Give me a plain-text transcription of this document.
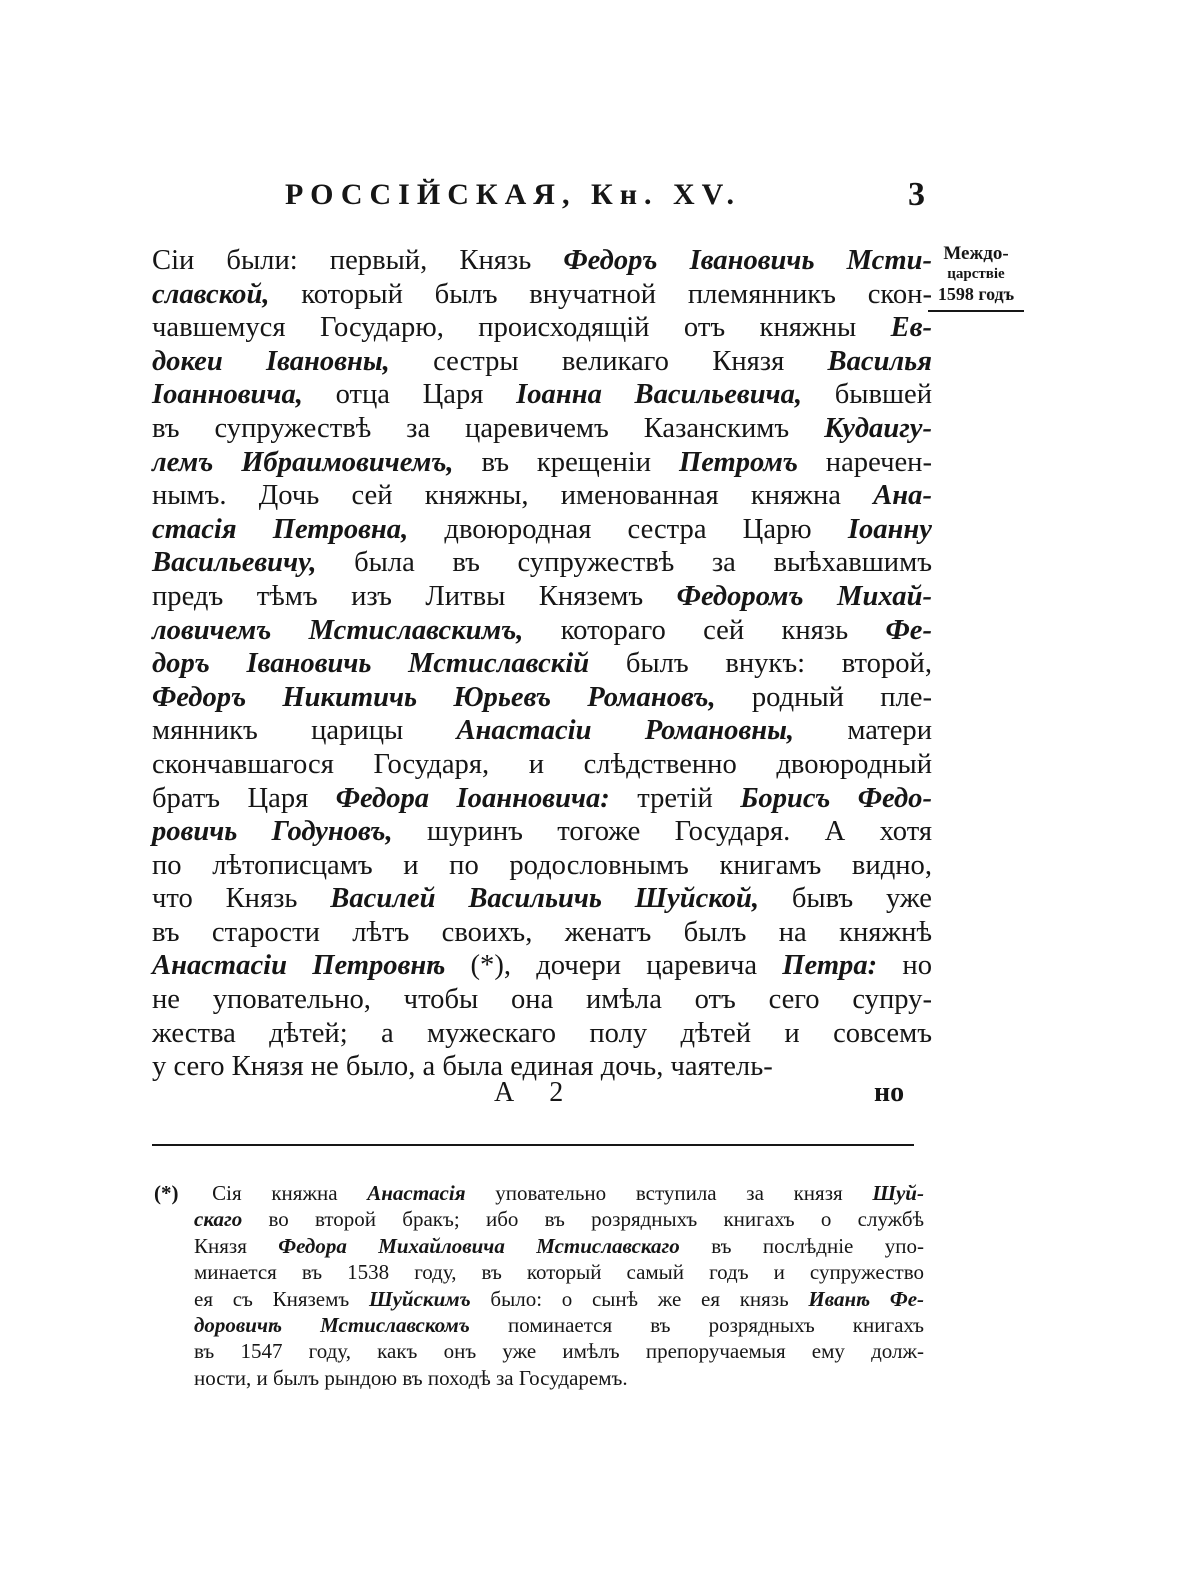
РОССІЙСКАЯ, Кн. XV.	3
Междо-
царствіе
1598 годъ
Сіи были: первый, Князь Федоръ Івановичь Мсти-
славской, который былъ внучатной племянникъ скон-
чавшемуся Государю, происходящій отъ княжны Ев-
докеи Івановны, сестры великаго Князя Василья
Іоанновича, отца Царя Іоанна Васильевича, бывшей
въ супружествѣ за царевичемъ Казанскимъ Кудаигу-
лемъ Ибраимовичемъ, въ крещеніи Петромъ наречен-
нымъ. Дочь сей княжны, именованная княжна Ана-
стасія Петровна, двоюродная сестра Царю Іоанну
Васильевичу, была въ супружествѣ за выѣхавшимъ
предъ тѣмъ изъ Литвы Княземъ Федоромъ Михай-
ловичемъ Мстиславскимъ, котораго сей князь Фе-
доръ Івановичь Мстиславскій былъ внукъ: второй,
Федоръ Никитичь Юрьевъ Романовъ, родный пле-
мянникъ царицы Анастасіи Романовны, матери
скончавшагося Государя, и слѣдственно двоюродный
братъ Царя Федора Іоанновича: третій Борисъ Федо-
ровичь Годуновъ, шуринъ тогоже Государя. А хотя
по лѣтописцамъ и по родословнымъ книгамъ видно,
что Князь Василей Васильичь Шуйской, бывъ уже
въ старости лѣтъ своихъ, женатъ былъ на княжнѣ
Анастасіи Петровнѣ (*), дочери царевича Петра: но
не уповательно, чтобы она имѣла отъ сего супру-
жества дѣтей; а мужескаго полу дѣтей и совсемъ
у сего Князя не было, а была единая дочь, чаятель-
А 2	но
(*) Сія княжна Анастасія уповательно вступила за князя Шуй-
скаго во второй бракъ; ибо въ розрядныхъ книгахъ о службѣ
Князя Федора Михайловича Мстиславскаго въ послѣдніе упо-
минается въ 1538 году, въ который самый годъ и супружество
ея съ Княземъ Шуйскимъ было: о сынѣ же ея князь Иванѣ Фе-
доровичѣ Мстиславскомъ поминается въ розрядныхъ книгахъ
въ 1547 году, какъ онъ уже имѣлъ препоручаемыя ему долж-
ности, и былъ рындою въ походѣ за Государемъ.
